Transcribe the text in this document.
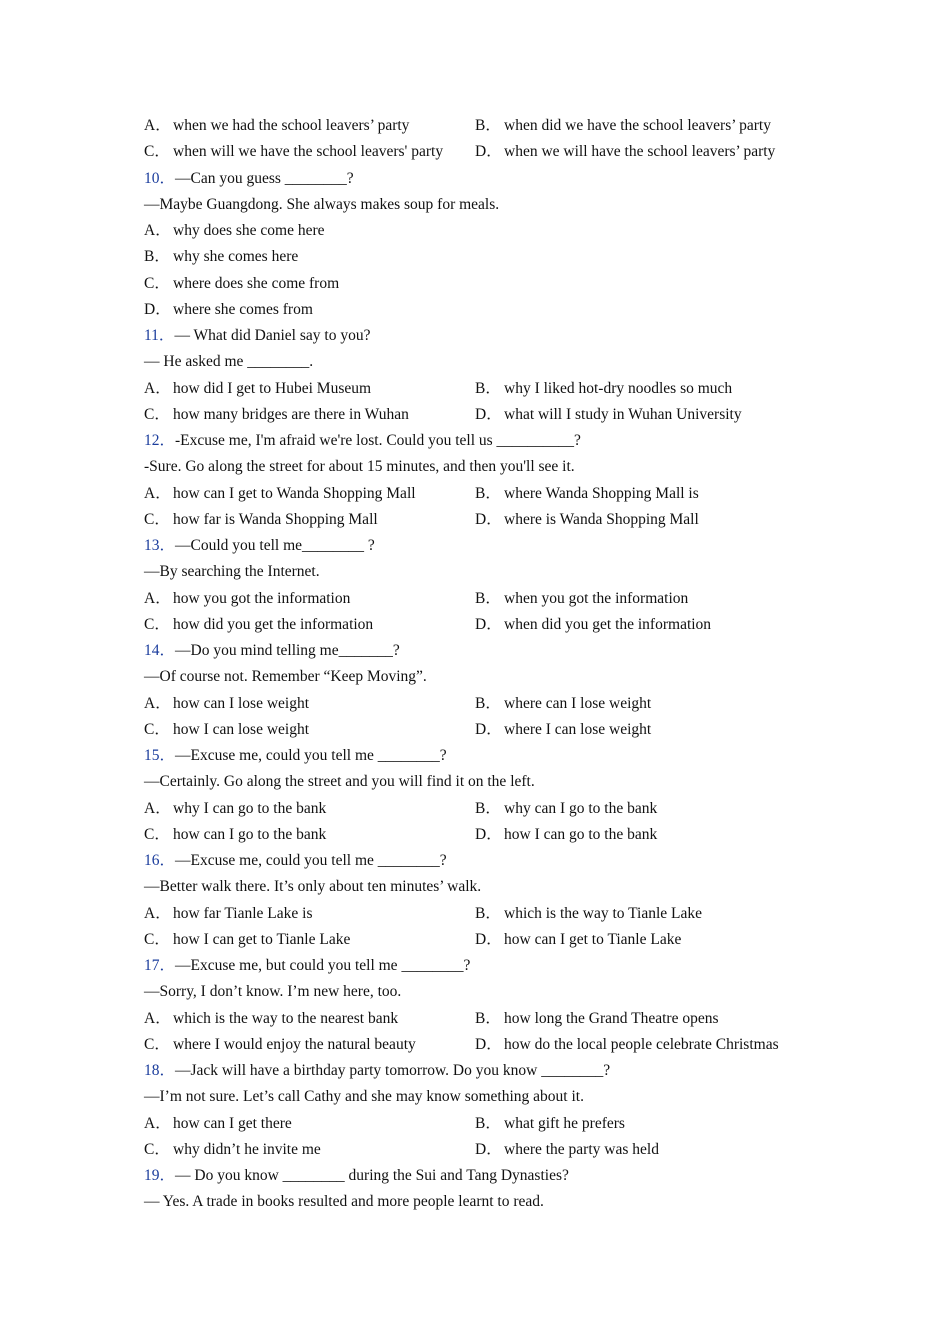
A． when we had the school leavers’ party	B． when did we have the school leavers’ party
C． when will we have the school leavers' party D． when we will have the school leavers’ party
10．—Can you guess ________?
—Maybe Guangdong. She always makes soup for meals.
A． why does she come here
B． why she comes here
C． where does she come from
D． where she comes from
11．— What did Daniel say to you?
— He asked me ________.
A． how did I get to Hubei Museum	B． why I liked hot-dry noodles so much
C． how many bridges are there in Wuhan	D． what will I study in Wuhan University
12．-Excuse me, I'm afraid we're lost. Could you tell us __________?
-Sure. Go along the street for about 15 minutes, and then you'll see it.
A． how can I get to Wanda Shopping Mall	B． where Wanda Shopping Mall is
C． how far is Wanda Shopping Mall	D． where is Wanda Shopping Mall
13．—Could you tell me________ ?
—By searching the Internet.
A． how you got the information	B． when you got the information
C． how did you get the information	D． when did you get the information
14．—Do you mind telling me_______?
—Of course not. Remember “Keep Moving”.
A． how can I lose weight	B． where can I lose weight
C． how I can lose weight	D． where I can lose weight
15．—Excuse me, could you tell me ________?
—Certainly. Go along the street and you will find it on the left.
A． why I can go to the bank	B． why can I go to the bank
C． how can I go to the bank	D． how I can go to the bank
16．—Excuse me, could you tell me ________?
—Better walk there. It’s only about ten minutes’ walk.
A． how far Tianle Lake is	B． which is the way to Tianle Lake
C． how I can get to Tianle Lake	D． how can I get to Tianle Lake
17．—Excuse me, but could you tell me ________?
—Sorry, I don’t know. I’m new here, too.
A． which is the way to the nearest bank	B． how long the Grand Theatre opens
C． where I would enjoy the natural beauty	D． how do the local people celebrate Christmas
18．—Jack will have a birthday party tomorrow. Do you know ________?
—I’m not sure. Let’s call Cathy and she may know something about it.
A． how can I get there	B． what gift he prefers
C． why didn’t he invite me	D． where the party was held
19．— Do you know ________ during the Sui and Tang Dynasties?
— Yes. A trade in books resulted and more people learnt to read.
